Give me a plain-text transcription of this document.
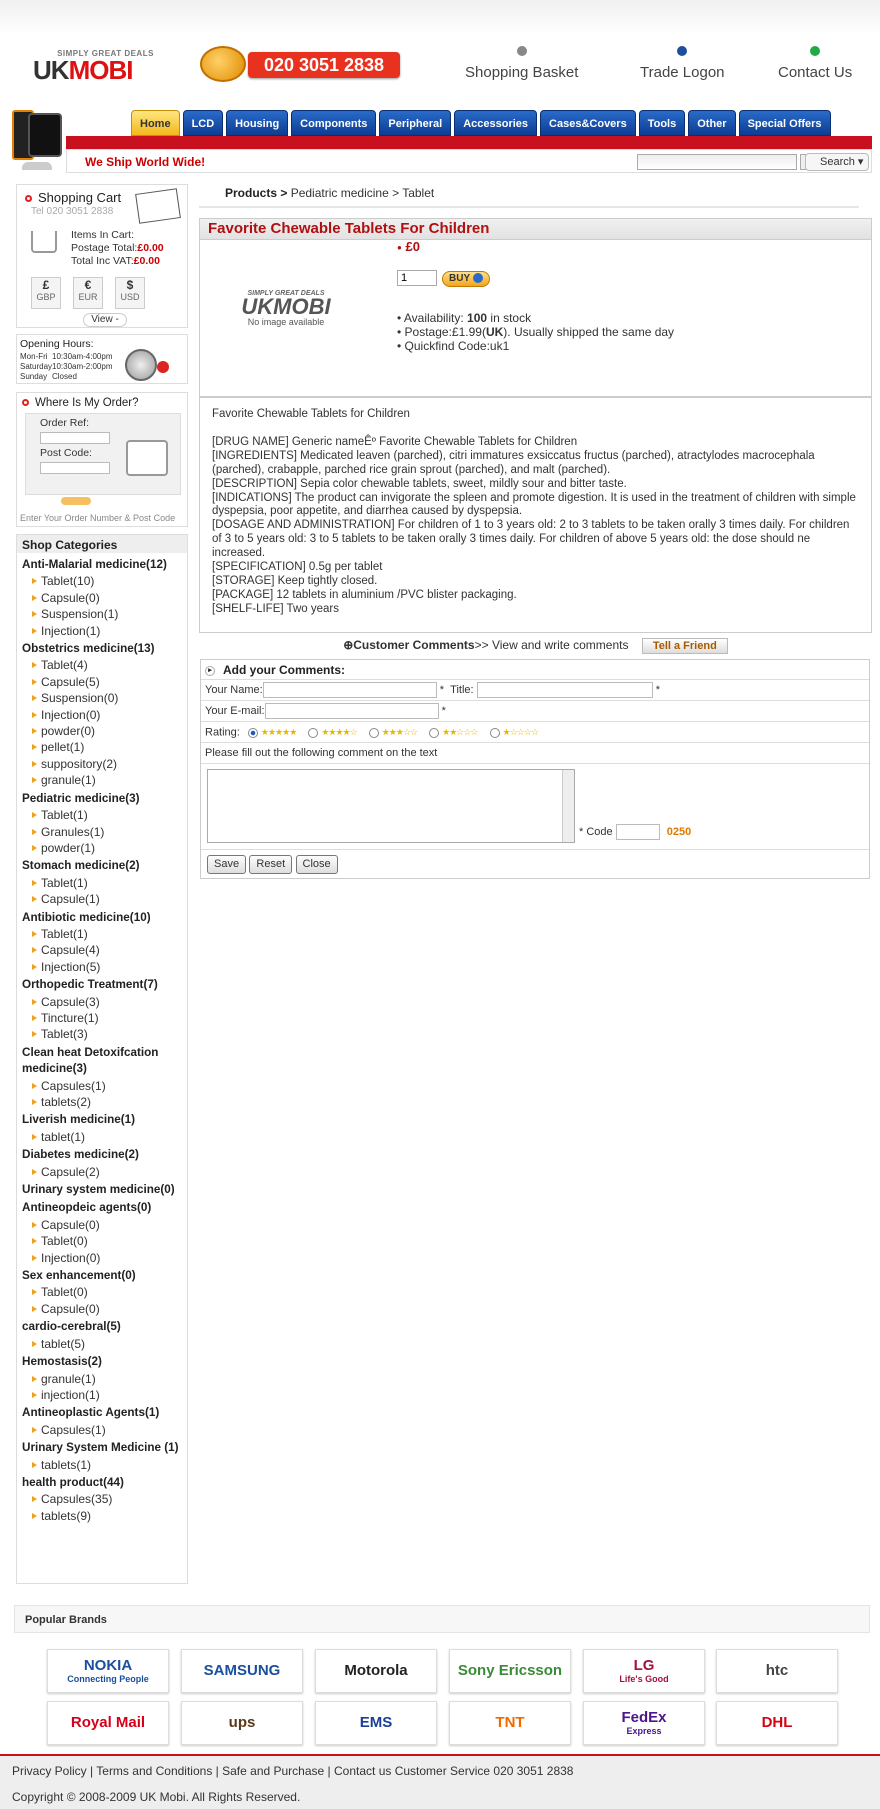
SIMPLY GREAT DEALS
UKMOBI	020 3051 2838	Shopping Basket	Trade Logon	Contact Us
Home	LCD	Housing	Components	Peripheral	Accessories	Cases&Covers	Tools	Other	Special Offers
We Ship World Wide!	Search ▾
Shopping Cart
Tel 020 3051 2838
Items In Cart:
Postage Total:£0.00
Total Inc VAT:£0.00
£
GBP
€
EUR
$
USD
View -
Opening Hours:
Mon-Fri 10:30am-4:00pm
Saturday10:30am-2:00pm
Sunday Closed
Where Is My Order?
Order Ref:
Post Code:
Enter Your Order Number & Post Code
Shop Categories
Anti-Malarial medicine(12)
Tablet(10)
Capsule(0)
Suspension(1)
Injection(1)
Obstetrics medicine(13)
Tablet(4)
Capsule(5)
Suspension(0)
Injection(0)
powder(0)
pellet(1)
suppository(2)
granule(1)
Pediatric medicine(3)
Tablet(1)
Granules(1)
powder(1)
Stomach medicine(2)
Tablet(1)
Capsule(1)
Antibiotic medicine(10)
Tablet(1)
Capsule(4)
Injection(5)
Orthopedic Treatment(7)
Capsule(3)
Tincture(1)
Tablet(3)
Clean heat Detoxifcation medicine(3)
Capsules(1)
tablets(2)
Liverish medicine(1)
tablet(1)
Diabetes medicine(2)
Capsule(2)
Urinary system medicine(0)
Antineopdeic agents(0)
Capsule(0)
Tablet(0)
Injection(0)
Sex enhancement(0)
Tablet(0)
Capsule(0)
cardio-cerebral(5)
tablet(5)
Hemostasis(2)
granule(1)
injection(1)
Antineoplastic Agents(1)
Capsules(1)
Urinary System Medicine (1)
tablets(1)
health product(44)
Capsules(35)
tablets(9)
Products > Pediatric medicine > Tablet
Favorite Chewable Tablets For Children
SIMPLY GREAT DEALS
UKMOBI
No image available
● £0
1
BUY
• Availability: 100 in stock
• Postage:£1.99(UK). Usually shipped the same day
• Quickfind Code:uk1
Favorite Chewable Tablets for Children
[DRUG NAME] Generic nameÊº Favorite Chewable Tablets for Children
[INGREDIENTS] Medicated leaven (parched), citri immatures exsiccatus fructus (parched), atractylodes macrocephala (parched), crabapple, parched rice grain sprout (parched), and malt (parched).
[DESCRIPTION] Sepia color chewable tablets, sweet, mildly sour and bitter taste.
[INDICATIONS] The product can invigorate the spleen and promote digestion. It is used in the treatment of children with simple dyspepsia, poor appetite, and diarrhea caused by dyspepsia.
[DOSAGE AND ADMINISTRATION] For children of 1 to 3 years old: 2 to 3 tablets to be taken orally 3 times daily. For children of 3 to 5 years old: 3 to 5 tablets to be taken orally 3 times daily. For children of above 5 years old: the dose should ne increased.
[SPECIFICATION] 0.5g per tablet
[STORAGE] Keep tightly closed.
[PACKAGE] 12 tablets in aluminium /PVC blister packaging.
[SHELF-LIFE] Two years
⊕Customer Comments>> View and write comments Tell a Friend
▸ Add your Comments:
Your Name:	* Title:	*
Your E-mail:	*
Rating: ★★★★★	★★★★☆	★★★☆☆	★★☆☆☆	★☆☆☆☆
Please fill out the following comment on the text
* Code	0250
Save Reset Close
Popular Brands
NOKIA
Connecting People	SAMSUNG	Motorola	Sony Ericsson	LG
Life's Good	htc
Royal Mail	ups	EMS	TNT	FedEx
Express	DHL
Privacy Policy | Terms and Conditions | Safe and Purchase | Contact us Customer Service 020 3051 2838
Copyright © 2008-2009 UK Mobi. All Rights Reserved.
